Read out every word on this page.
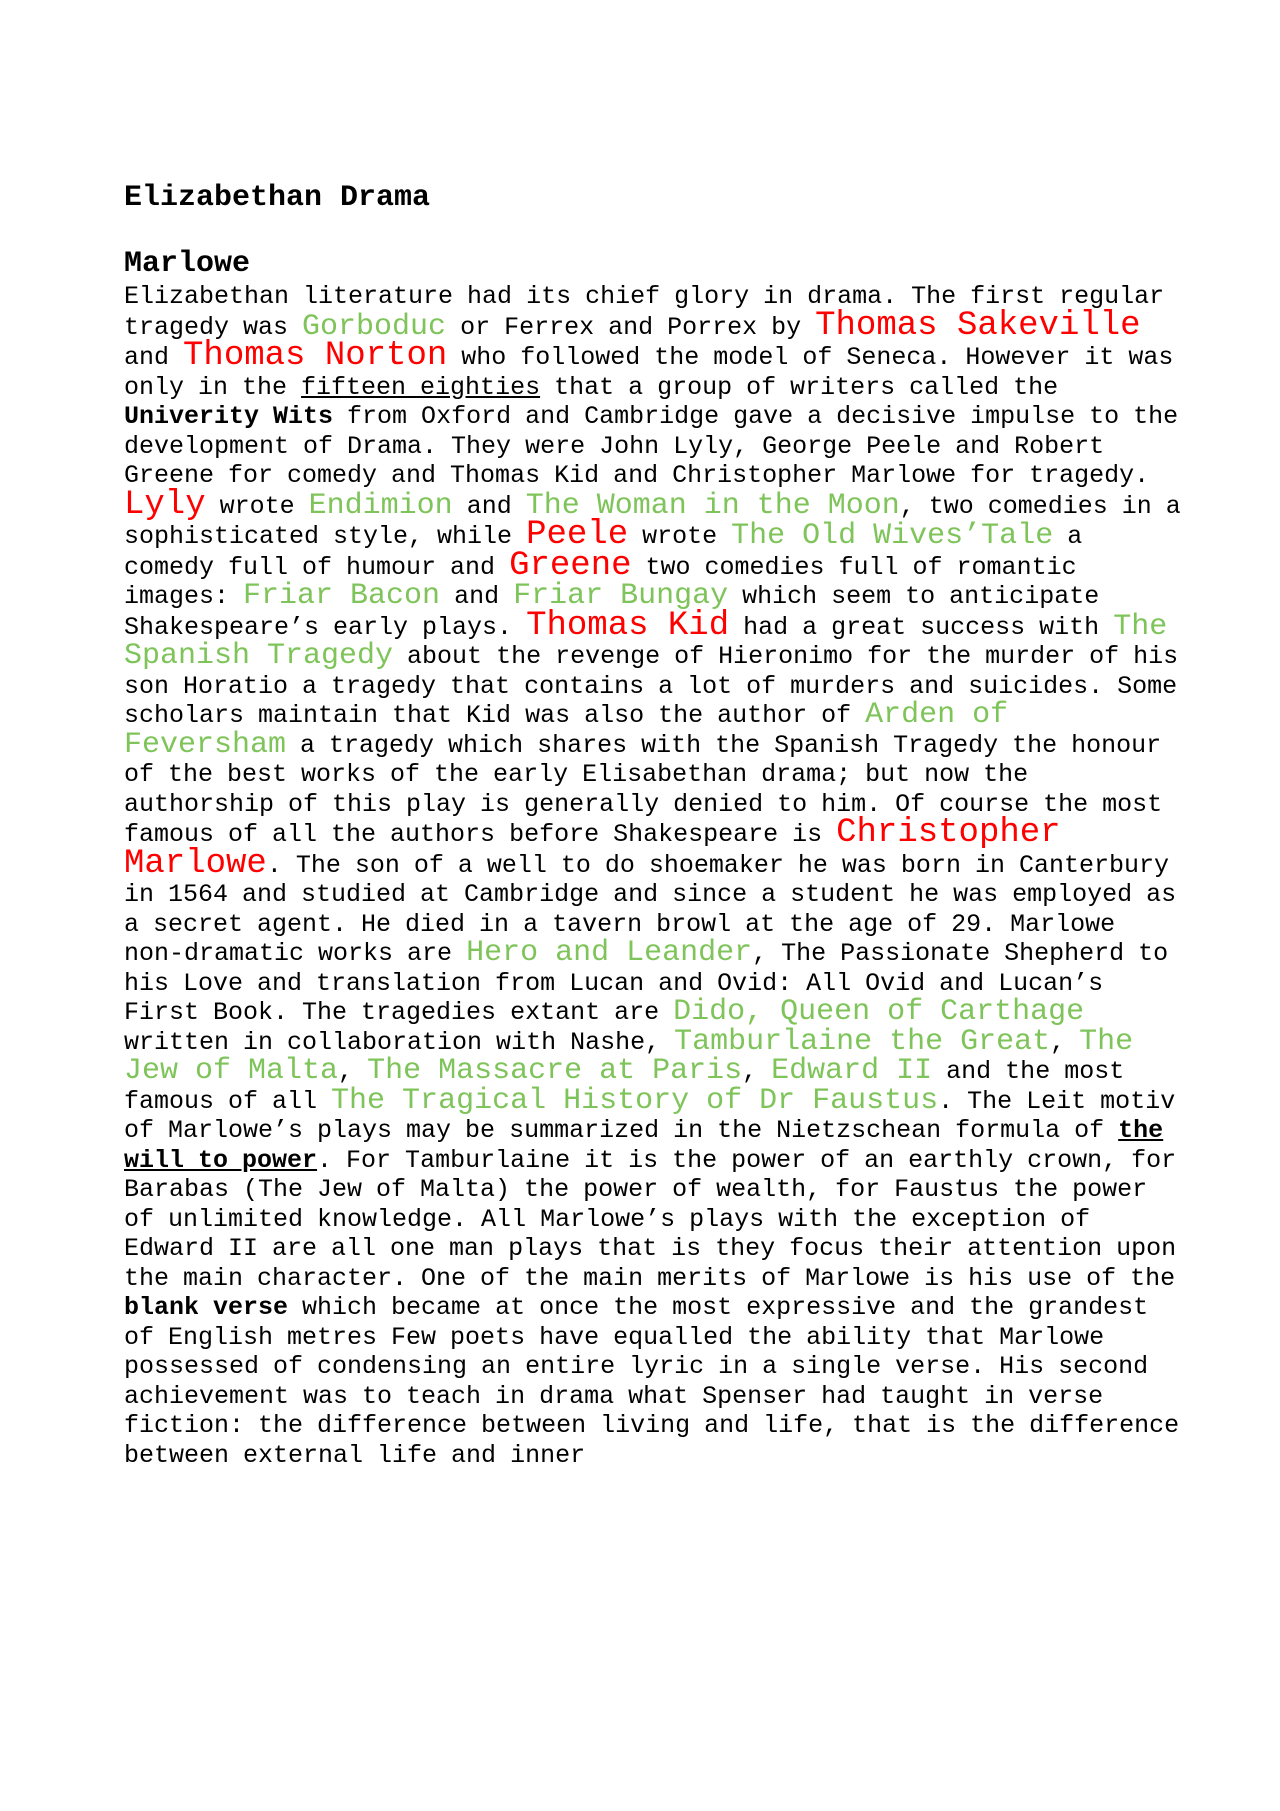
Elizabethan Drama
Marlowe

Elizabethan literature had its chief glory in drama. The first regular tragedy was Gorboduc or Ferrex and Porrex by Thomas Sakeville and Thomas Norton who followed the model of Seneca. However it was only in the fifteen eighties that a group of writers called the Univerity Wits from Oxford and Cambridge gave a decisive impulse to the development of Drama. They were John Lyly, George Peele and Robert Greene for comedy and Thomas Kid and Christopher Marlowe for tragedy. Lyly wrote Endimion and The Woman in the Moon, two comedies in a sophisticated style, while Peele wrote The Old Wives’Tale a comedy full of humour and Greene two comedies full of romantic images: Friar Bacon and Friar Bungay which seem to anticipate Shakespeare’s early plays. Thomas Kid had a great success with The Spanish Tragedy about the revenge of Hieronimo for the murder of his son Horatio a tragedy that contains a lot of murders and suicides. Some scholars maintain that Kid was also the author of Arden of Feversham a tragedy which shares with the Spanish Tragedy the honour of the best works of the early Elisabethan drama; but now the authorship of this play is generally denied to him. Of course the most famous of all the authors before Shakespeare is Christopher Marlowe. The son of a well to do shoemaker he was born in Canterbury in 1564 and studied at Cambridge and since a student he was employed as a secret agent. He died in a tavern browl at the age of 29. Marlowe non-dramatic works are Hero and Leander, The Passionate Shepherd to his Love and translation from Lucan and Ovid: All Ovid and Lucan’s First Book. The tragedies extant are Dido, Queen of Carthage written in collaboration with Nashe, Tamburlaine the Great, The Jew of Malta, The Massacre at Paris, Edward II and the most famous of all The Tragical History of Dr Faustus. The Leit motiv of Marlowe’s plays may be summarized in the Nietzschean formula of the will to power. For Tamburlaine it is the power of an earthly crown, for Barabas (The Jew of Malta) the power of wealth, for Faustus the power of unlimited knowledge. All Marlowe’s plays with the exception of Edward II are all one man plays that is they focus their attention upon the main character. One of the main merits of Marlowe is his use of the blank verse which became at once the most expressive and the grandest of English metres Few poets have equalled the ability that Marlowe possessed of condensing an entire lyric in a single verse. His second achievement was to teach in drama what Spenser had taught in verse fiction: the difference between living and life, that is the difference between external life and inner
